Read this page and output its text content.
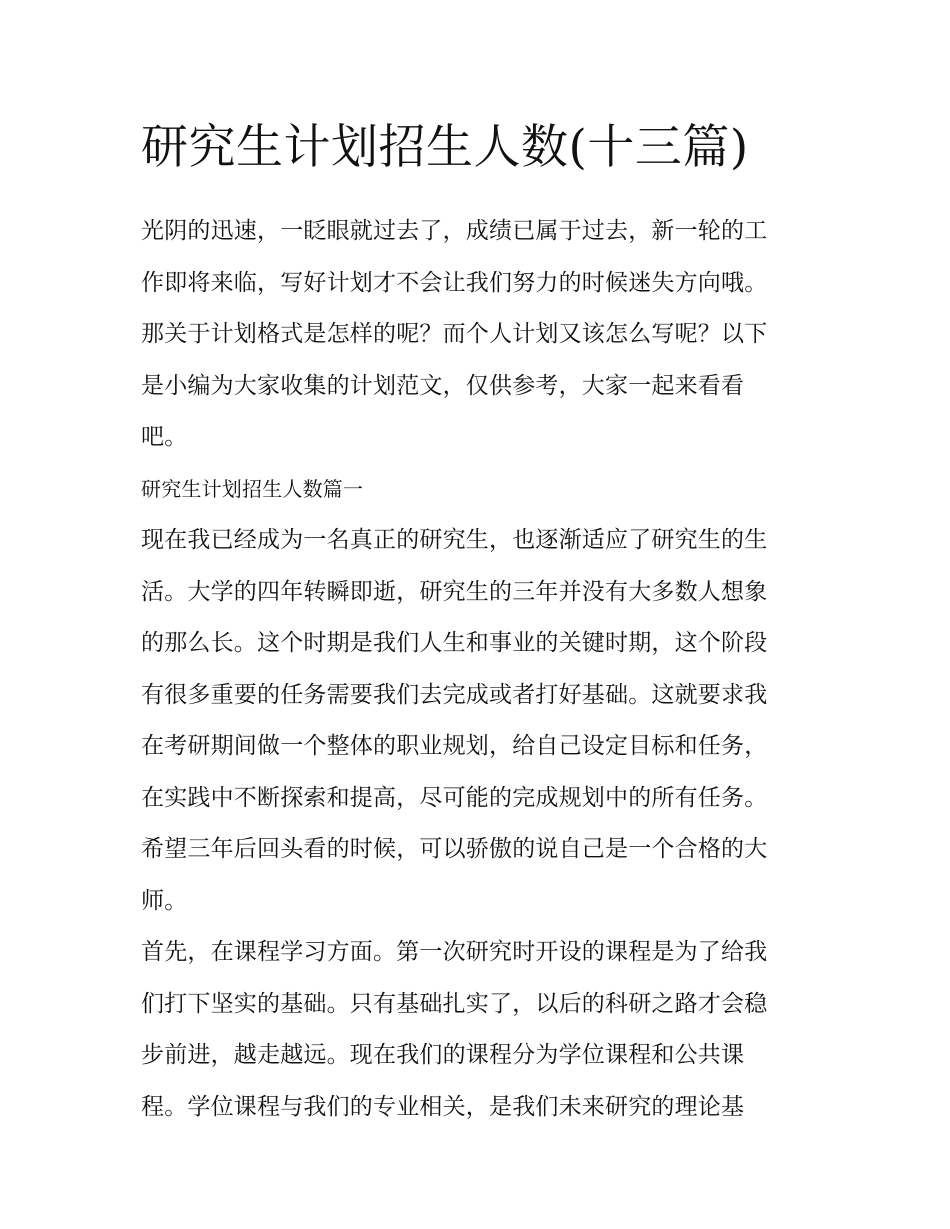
研究生计划招生人数(十三篇)
光阴的迅速，一眨眼就过去了，成绩已属于过去，新一轮的工
作即将来临，写好计划才不会让我们努力的时候迷失方向哦。
那关于计划格式是怎样的呢？而个人计划又该怎么写呢？以下
是小编为大家收集的计划范文，仅供参考，大家一起来看看
吧。
研究生计划招生人数篇一
现在我已经成为一名真正的研究生，也逐渐适应了研究生的生
活。大学的四年转瞬即逝，研究生的三年并没有大多数人想象
的那么长。这个时期是我们人生和事业的关键时期，这个阶段
有很多重要的任务需要我们去完成或者打好基础。这就要求我
在考研期间做一个整体的职业规划，给自己设定目标和任务，
在实践中不断探索和提高，尽可能的完成规划中的所有任务。
希望三年后回头看的时候，可以骄傲的说自己是一个合格的大
师。
首先，在课程学习方面。第一次研究时开设的课程是为了给我
们打下坚实的基础。只有基础扎实了，以后的科研之路才会稳
步前进，越走越远。现在我们的课程分为学位课程和公共课
程。学位课程与我们的专业相关，是我们未来研究的理论基
